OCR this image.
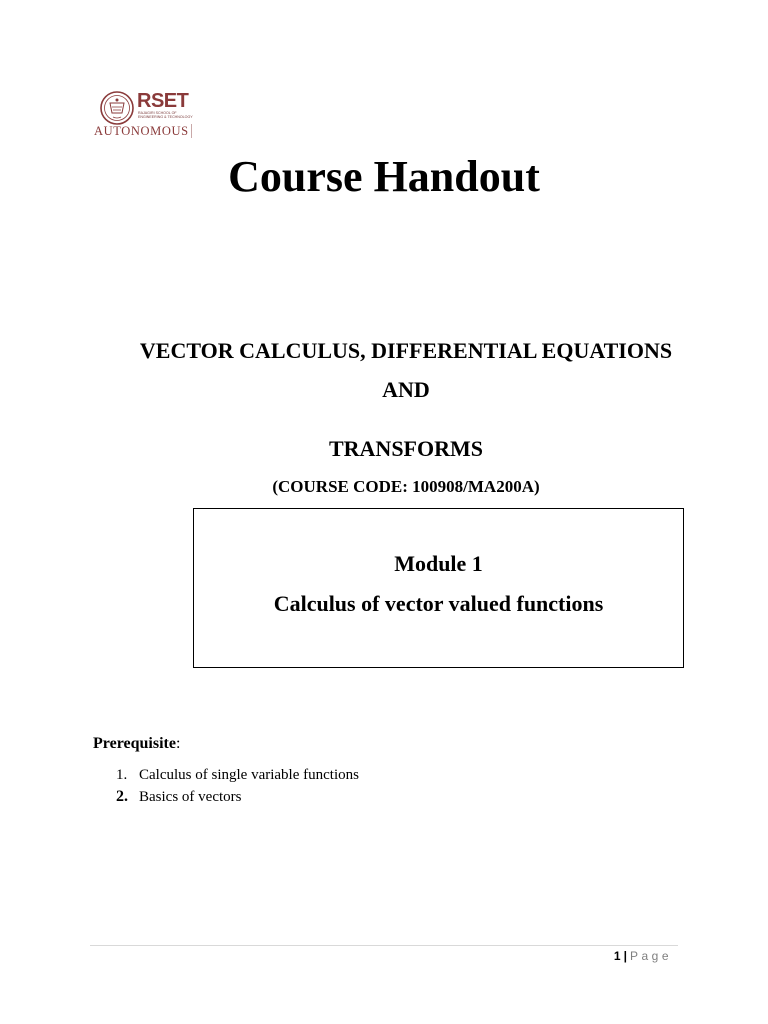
RSET
RAJAGIRI SCHOOL OF ENGINEERING & TECHNOLOGY
AUTONOMOUS
Course Handout
VECTOR CALCULUS, DIFFERENTIAL EQUATIONS
AND
TRANSFORMS
(COURSE CODE: 100908/MA200A)
Module 1
Calculus of vector valued functions
Prerequisite:
1. Calculus of single variable functions
2. Basics of vectors
1 | Page
